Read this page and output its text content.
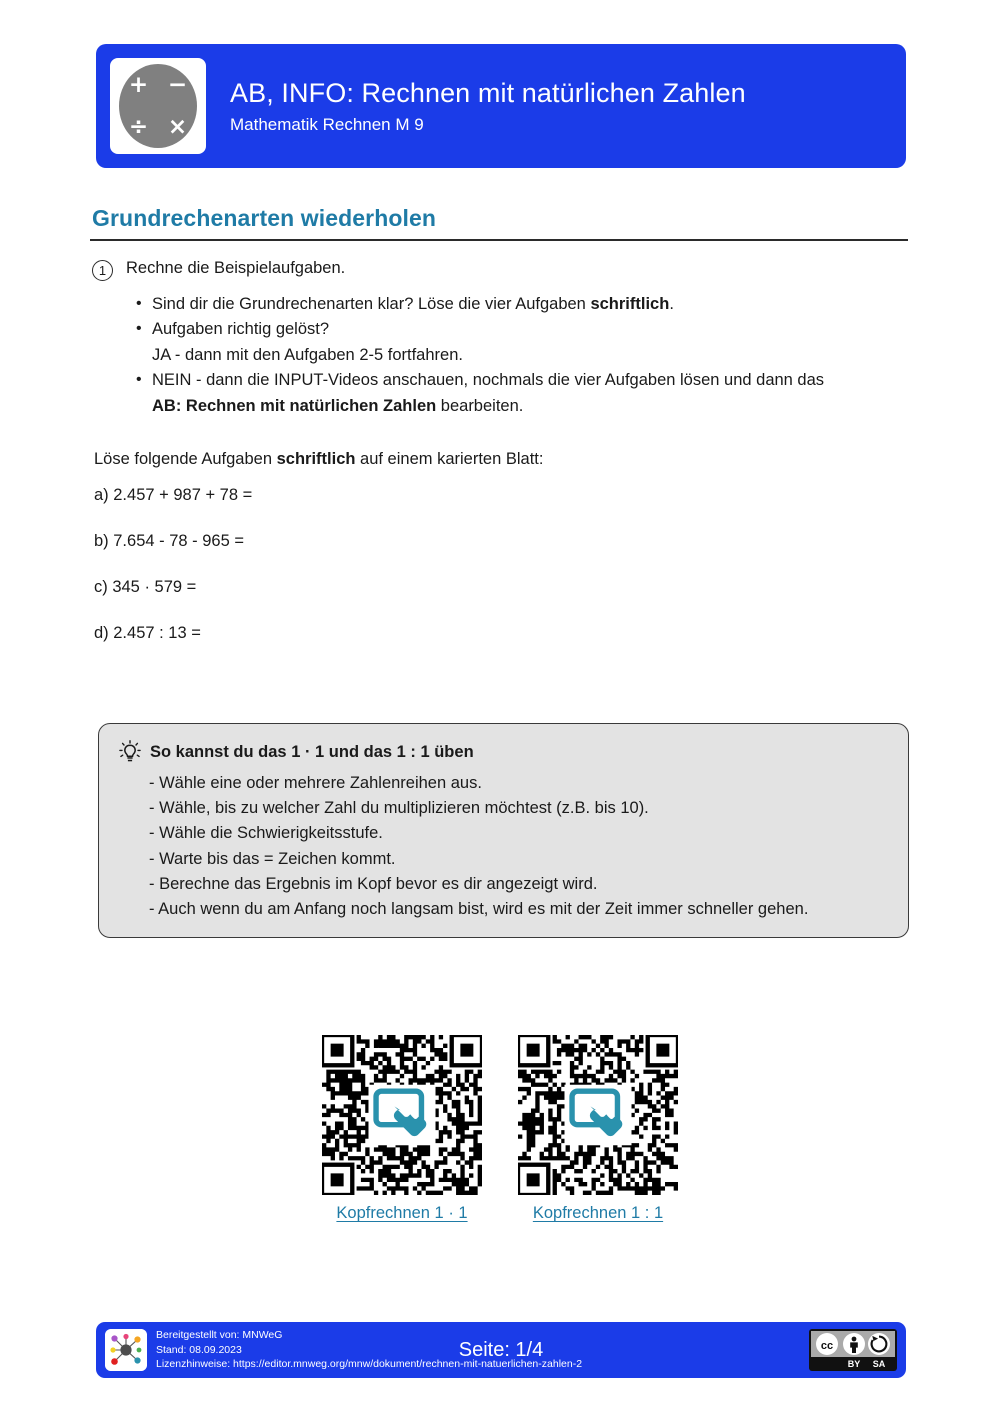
+ −
÷ ×
AB, INFO: Rechnen mit natürlichen Zahlen
Mathematik Rechnen M 9
Grundrechenarten wiederholen
1	Rechne die Beispielaufgaben.
• Sind dir die Grundrechenarten klar? Löse die vier Aufgaben schriftlich.
• Aufgaben richtig gelöst?
JA - dann mit den Aufgaben 2-5 fortfahren.
• NEIN - dann die INPUT-Videos anschauen, nochmals die vier Aufgaben lösen und dann das
AB: Rechnen mit natürlichen Zahlen bearbeiten.
Löse folgende Aufgaben schriftlich auf einem karierten Blatt:
a) 2.457 + 987 + 78 =
b) 7.654 - 78 - 965 =
c) 345 · 579 =
d) 2.457 : 13 =
So kannst du das 1 · 1 und das 1 : 1 üben
- Wähle eine oder mehrere Zahlenreihen aus.
- Wähle, bis zu welcher Zahl du multiplizieren möchtest (z.B. bis 10).
- Wähle die Schwierigkeitsstufe.
- Warte bis das = Zeichen kommt.
- Berechne das Ergebnis im Kopf bevor es dir angezeigt wird.
- Auch wenn du am Anfang noch langsam bist, wird es mit der Zeit immer schneller gehen.
Kopfrechnen 1 · 1	Kopfrechnen 1 : 1
Bereitgestellt von: MNWeG
Stand: 08.09.2023
Lizenzhinweise: https://editor.mnweg.org/mnw/dokument/rechnen-mit-natuerlichen-zahlen-2
Seite: 1/4	cc
BY SA
